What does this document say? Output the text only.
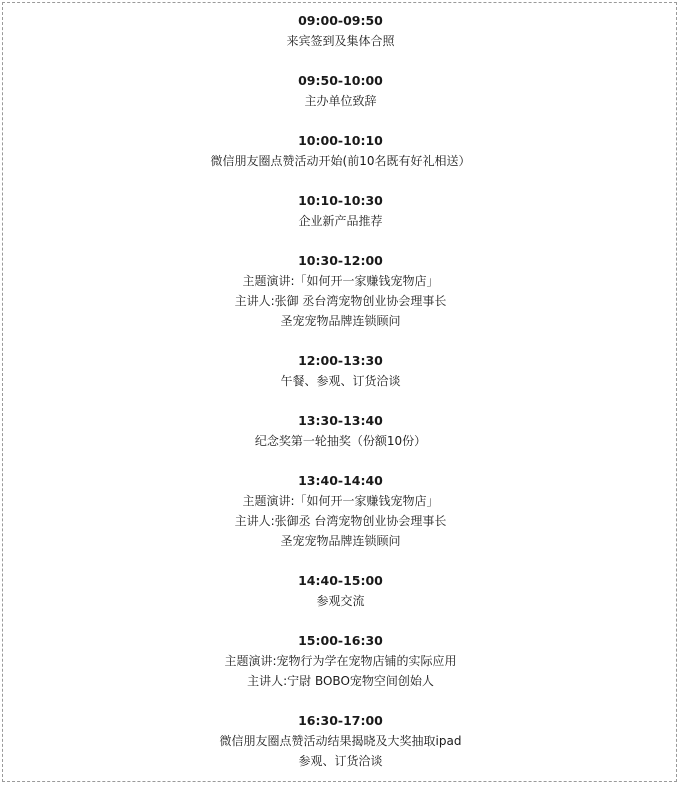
09:00-09:50
来宾签到及集体合照
09:50-10:00
主办单位致辞
10:00-10:10
微信朋友圈点赞活动开始(前10名既有好礼相送）
10:10-10:30
企业新产品推荐
10:30-12:00
主题演讲:「如何开一家赚钱宠物店」
主讲人:张御 丞台湾宠物创业协会理事长
圣宠宠物品牌连锁顾问
12:00-13:30
午餐、参观、订货洽谈
13:30-13:40
纪念奖第一轮抽奖（份额10份）
13:40-14:40
主题演讲:「如何开一家赚钱宠物店」
主讲人:张御丞 台湾宠物创业协会理事长
圣宠宠物品牌连锁顾问
14:40-15:00
参观交流
15:00-16:30
主题演讲:宠物行为学在宠物店铺的实际应用
主讲人:宁尉 BOBO宠物空间创始人
16:30-17:00
微信朋友圈点赞活动结果揭晓及大奖抽取ipad
参观、订货洽谈
